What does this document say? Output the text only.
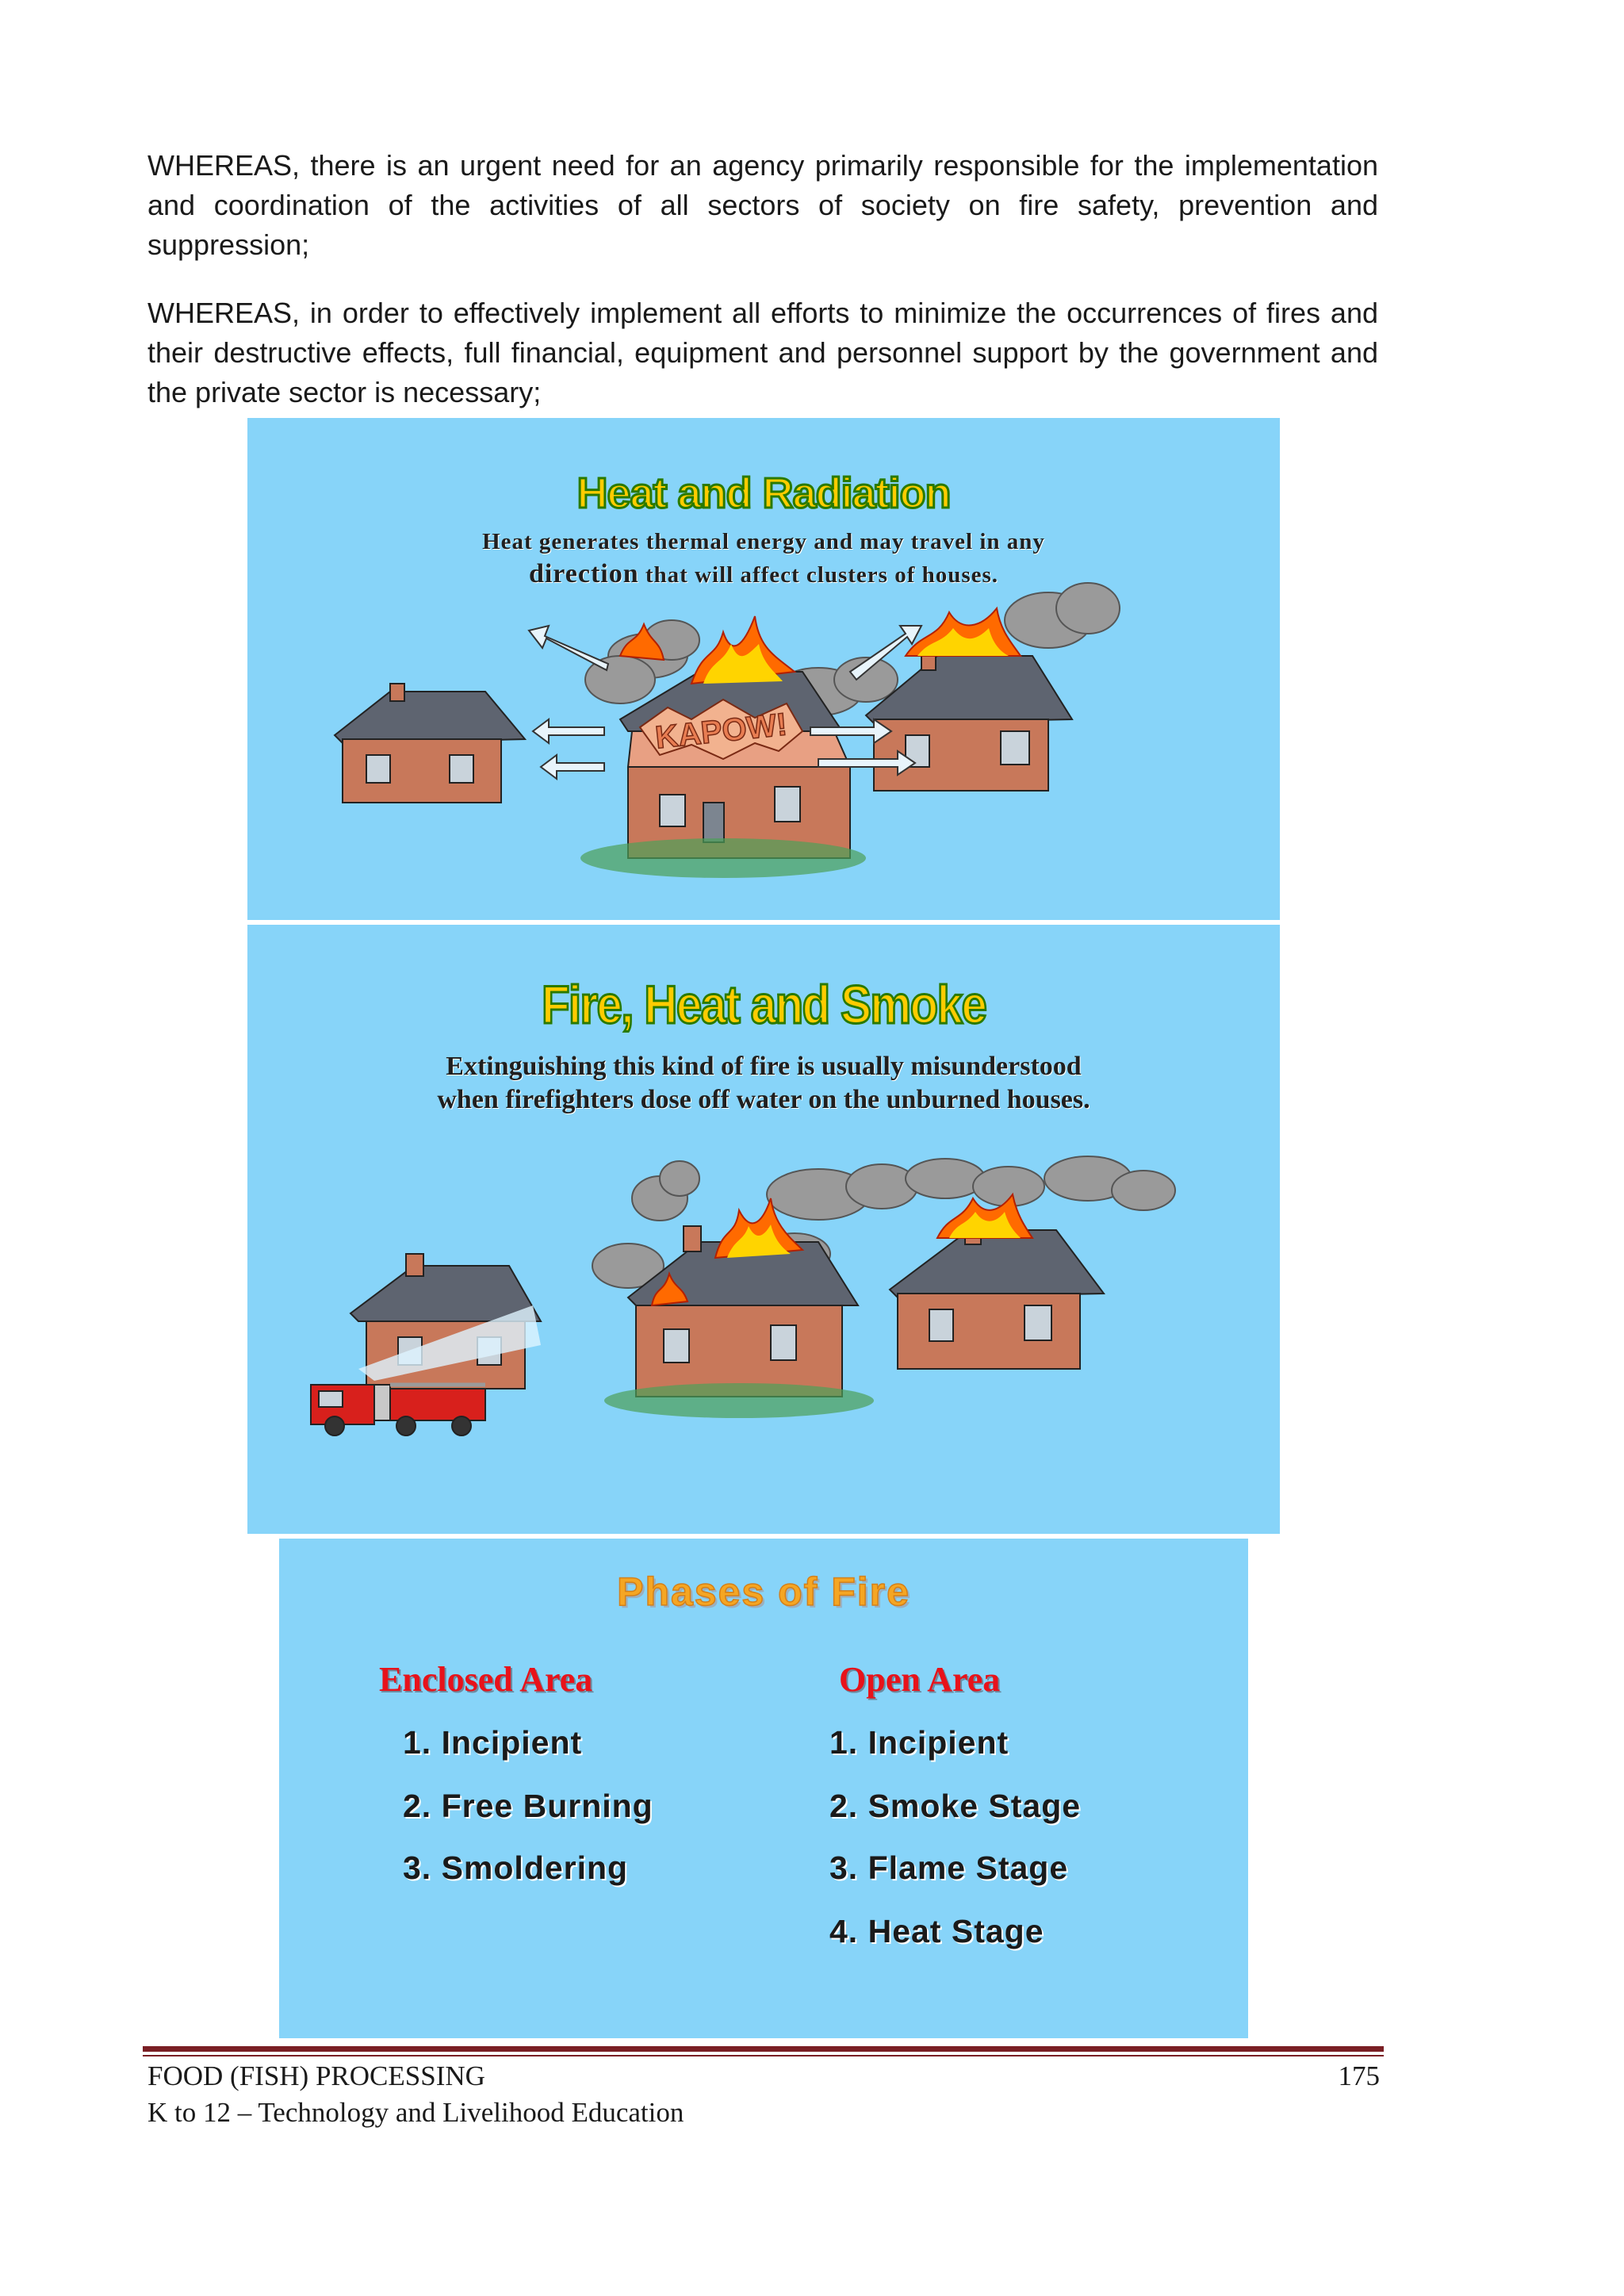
WHEREAS, there is an urgent need for an agency primarily responsible for the implementation and coordination of the activities of all sectors of society on fire safety, prevention and suppression;

WHEREAS, in order to effectively implement all efforts to minimize the occurrences of fires and their destructive effects, full financial, equipment and personnel support by the government and the private sector is necessary;

Heat and Radiation

Heat generates thermal energy and may travel in any

direction that will affect clusters of houses.

KAPOW!
Fire, Heat and Smoke

Extinguishing this kind of fire is usually misunderstood

when firefighters dose off water on the unburned houses.

Phases of Fire

Enclosed Area	Open Area

1. Incipient

2. Free Burning

3. Smoldering

1. Incipient

2. Smoke Stage

3. Flame Stage

4. Heat Stage

FOOD (FISH) PROCESSING

K to 12 – Technology and Livelihood Education

175
